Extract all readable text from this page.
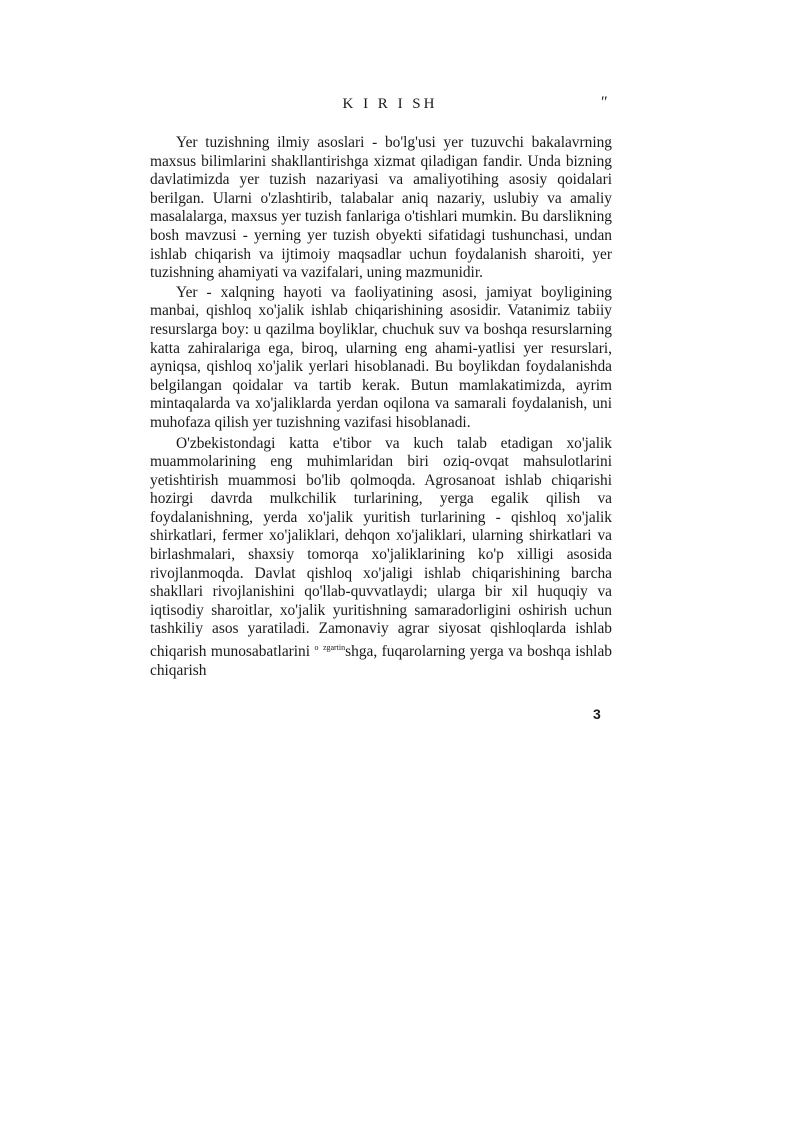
K I R I SH	″

Yer tuzishning ilmiy asoslari - bo'lg'usi yer tuzuvchi bakalavrning maxsus bilimlarini shakllantirishga xizmat qiladigan fandir. Unda bizning davlatimizda yer tuzish nazariyasi va amaliyotihing asosiy qoidalari berilgan. Ularni o'zlashtirib, talabalar aniq nazariy, uslubiy va amaliy masalalarga, maxsus yer tuzish fanlariga o'tishlari mumkin. Bu darslikning bosh mavzusi - yerning yer tuzish obyekti sifatidagi tushunchasi, undan ishlab chiqarish va ijtimoiy maqsadlar uchun foydalanish sharoiti, yer tuzishning ahamiyati va vazifalari, uning mazmunidir.

Yer - xalqning hayoti va faoliyatining asosi, jamiyat boyligining manbai, qishloq xo'jalik ishlab chiqarishining asosidir. Vatanimiz tabiiy resurslarga boy: u qazilma boyliklar, chuchuk suv va boshqa resurslarning katta zahiralariga ega, biroq, ularning eng ahami-yatlisi yer resurslari, ayniqsa, qishloq xo'jalik yerlari hisoblanadi. Bu boylikdan foydalanishda belgilangan qoidalar va tartib kerak. Butun mamlakatimizda, ayrim mintaqalarda va xo'jaliklarda yerdan oqilona va samarali foydalanish, uni muhofaza qilish yer tuzishning vazifasi hisoblanadi.

O'zbekistondagi katta e'tibor va kuch talab etadigan xo'jalik muammolarining eng muhimlaridan biri oziq-ovqat mahsulotlarini yetishtirish muammosi bo'lib qolmoqda. Agrosanoat ishlab chiqarishi hozirgi davrda mulkchilik turlarining, yerga egalik qilish va foydalanishning, yerda xo'jalik yuritish turlarining - qishloq xo'jalik shirkatlari, fermer xo'jaliklari, dehqon xo'jaliklari, ularning shirkatlari va birlashmalari, shaxsiy tomorqa xo'jaliklarining ko'p xilligi asosida rivojlanmoqda. Davlat qishloq xo'jaligi ishlab chiqarishining barcha shakllari rivojlanishini qo'llab-quvvatlaydi; ularga bir xil huquqiy va iqtisodiy sharoitlar, xo'jalik yuritishning samaradorligini oshirish uchun tashkiliy asos yaratiladi. Zamonaviy agrar siyosat qishloqlarda ishlab chiqarish munosabatlarini $^o$ $^{zgartin}$shga, fuqarolarning yerga va boshqa ishlab chiqarish

3
